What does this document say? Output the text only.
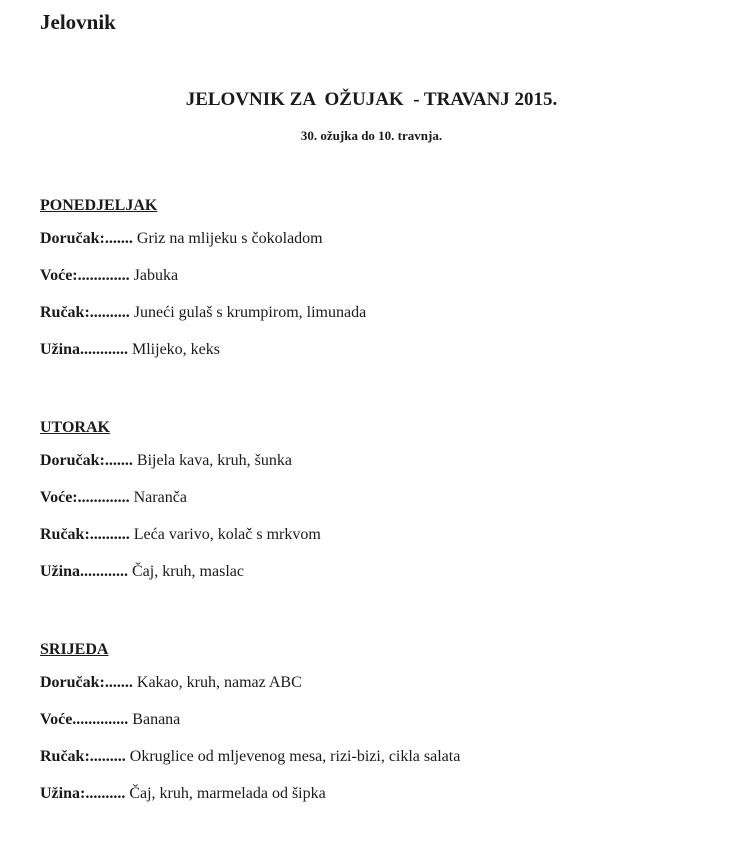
Jelovnik
JELOVNIK ZA  OŽUJAK  - TRAVANJ 2015.
30. ožujka do 10. travnja.
PONEDJELJAK
Doručak:....... Griz na mlijeku s čokoladom
Voće:............. Jabuka
Ručak:.......... Juneći gulaš s krumpirom, limunada
Užina............ Mlijeko, keks
UTORAK
Doručak:....... Bijela kava, kruh, šunka
Voće:............. Naranča
Ručak:.......... Leća varivo, kolač s mrkvom
Užina............ Čaj, kruh, maslac
SRIJEDA
Doručak:....... Kakao, kruh, namaz ABC
Voće.............. Banana
Ručak:......... Okruglice od mljevenog mesa, rizi-bizi, cikla salata
Užina:.......... Čaj, kruh, marmelada od šipka
